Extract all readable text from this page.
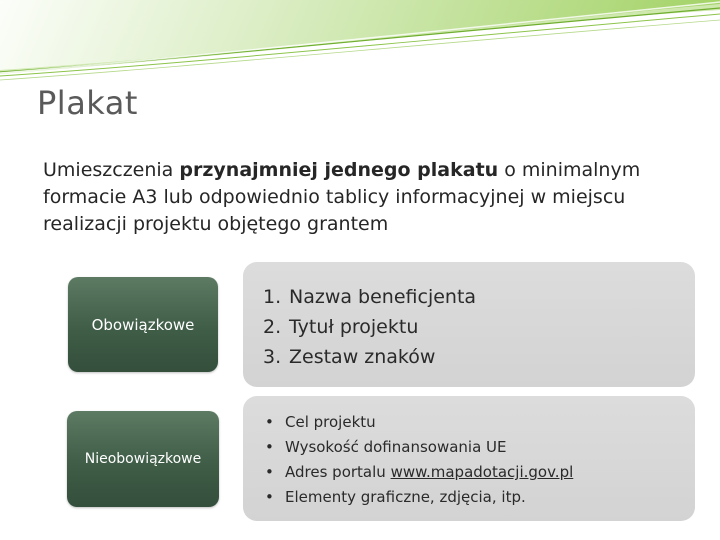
Plakat
Umieszczenia przynajmniej jednego plakatu o minimalnym formacie A3 lub odpowiednio tablicy informacyjnej w miejscu realizacji projektu objętego grantem
Obowiązkowe
1. Nazwa beneficjenta
2. Tytuł projektu
3. Zestaw znaków
Nieobowiązkowe
• Cel projektu
• Wysokość dofinansowania UE
• Adres portalu www.mapadotacji.gov.pl
• Elementy graficzne, zdjęcia, itp.
